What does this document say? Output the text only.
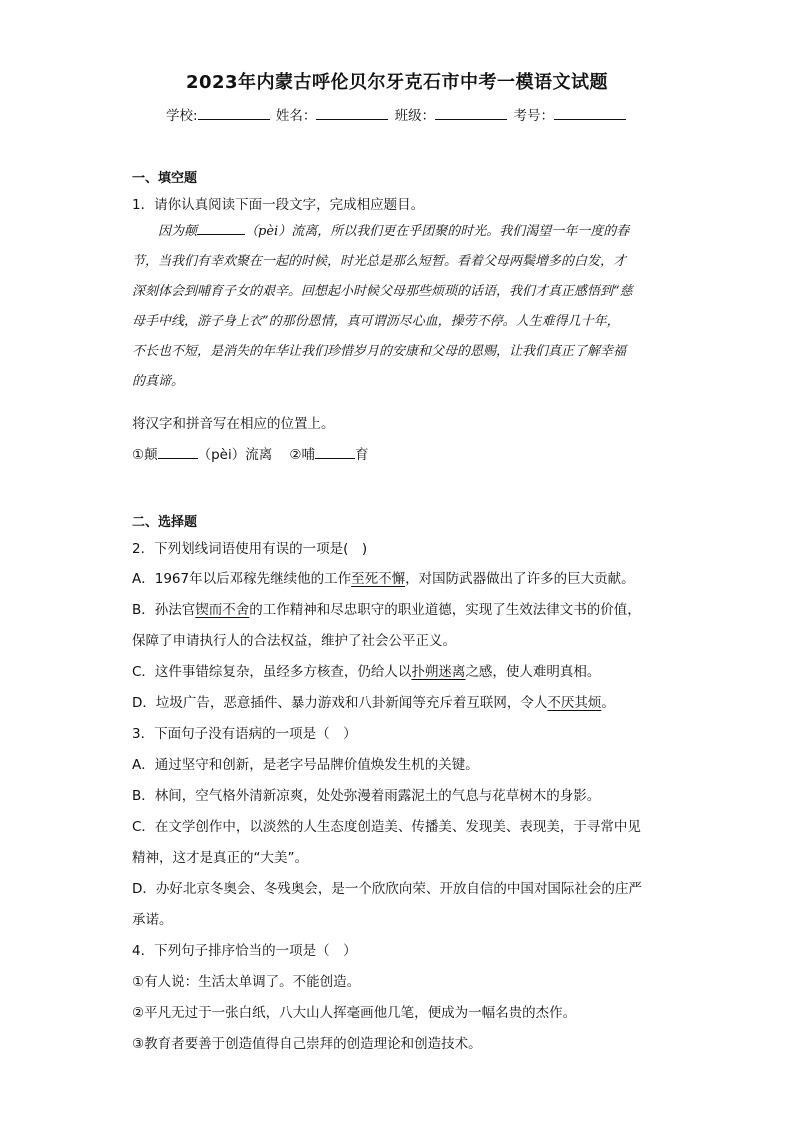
2023年内蒙古呼伦贝尔牙克石市中考一模语文试题
学校:	姓名：	班级：	考号：
一、填空题
1．请你认真阅读下面一段文字，完成相应题目。

因为颠	（pèi）流离，所以我们更在乎团聚的时光。我们渴望一年一度的春

节，当我们有幸欢聚在一起的时候，时光总是那么短暂。看着父母两鬓增多的白发，才

深刻体会到哺育子女的艰辛。回想起小时候父母那些烦琐的话语，我们才真正感悟到“慈

母手中线，游子身上衣”的那份恩情，真可谓沥尽心血，操劳不停。人生难得几十年，

不长也不短，是消失的年华让我们珍惜岁月的安康和父母的恩赐，让我们真正了解幸福

的真谛。

将汉字和拼音写在相应的位置上。
①颠	（pèi）流离 ②哺	育
二、选择题
2．下列划线词语使用有误的一项是(　)
A．1967年以后邓稼先继续他的工作至死不懈，对国防武器做出了许多的巨大贡献。
B．孙法官锲而不舍的工作精神和尽忠职守的职业道德，实现了生效法律文书的价值，
保障了申请执行人的合法权益，维护了社会公平正义。
C．这件事错综复杂，虽经多方核查，仍给人以扑朔迷离之感，使人难明真相。
D．垃圾广告，恶意插件、暴力游戏和八卦新闻等充斥着互联网，令人不厌其烦。
3．下面句子没有语病的一项是（　）
A．通过坚守和创新，是老字号品牌价值焕发生机的关键。
B．林间，空气格外清新凉爽，处处弥漫着雨露泥土的气息与花草树木的身影。
C．在文学创作中，以淡然的人生态度创造美、传播美、发现美、表现美，于寻常中见
精神，这才是真正的“大美”。
D．办好北京冬奥会、冬残奥会，是一个欣欣向荣、开放自信的中国对国际社会的庄严
承诺。
4．下列句子排序恰当的一项是（　）
①有人说：生活太单调了。不能创造。
②平凡无过于一张白纸，八大山人挥毫画他几笔，便成为一幅名贵的杰作。
③教育者要善于创造值得自己崇拜的创造理论和创造技术。
